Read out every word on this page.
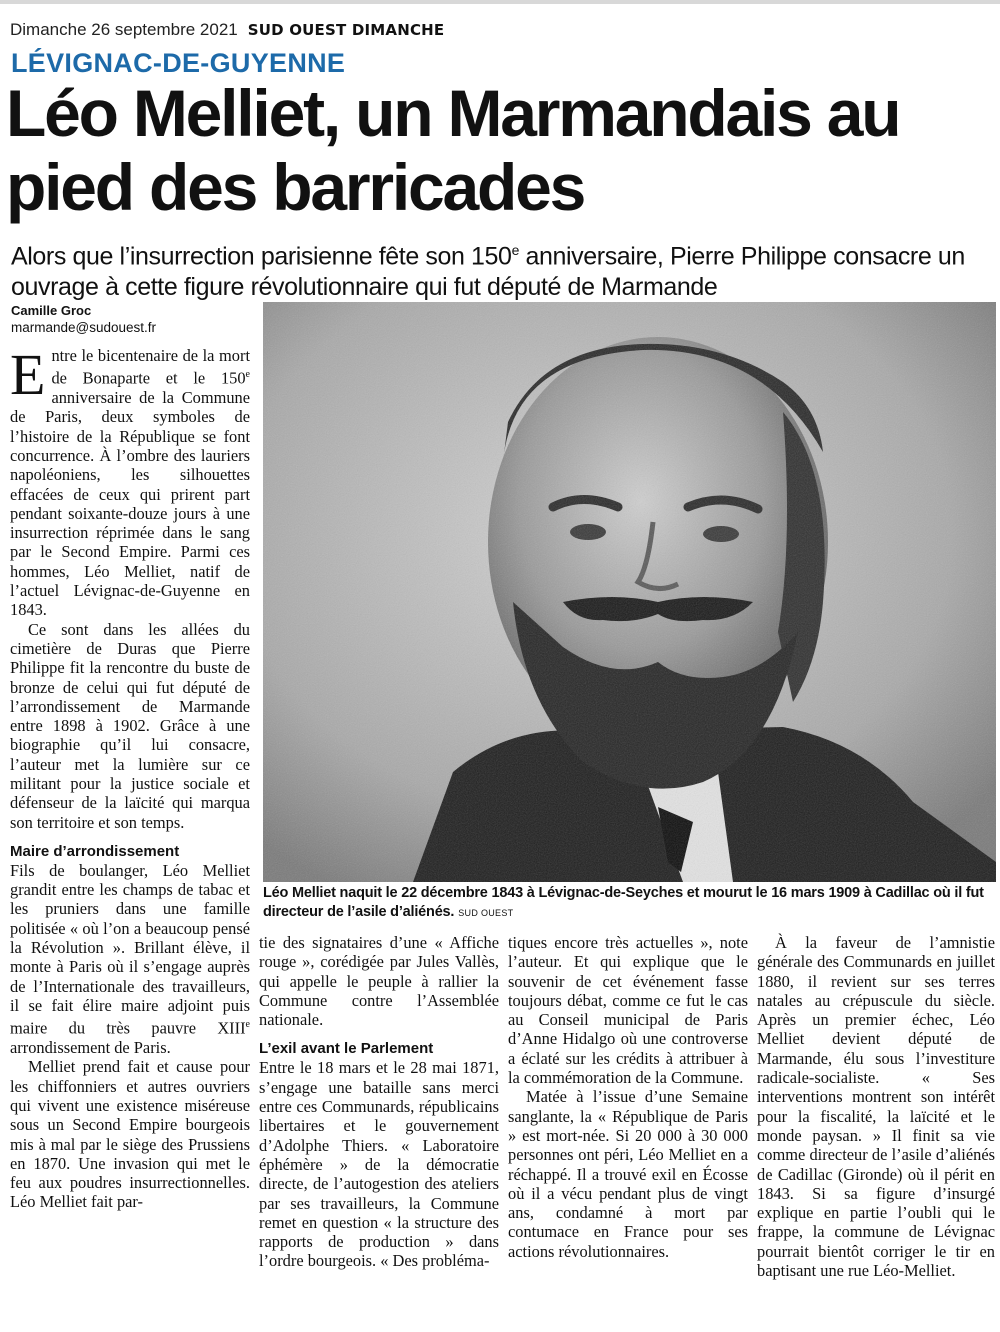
Dimanche 26 septembre 2021 SUD OUEST DIMANCHE
LÉVIGNAC-DE-GUYENNE
Léo Melliet, un Marmandais au pied des barricades

Alors que l’insurrection parisienne fête son 150e anniversaire, Pierre Philippe consacre un ouvrage à cette figure révolutionnaire qui fut député de Marmande

Camille Groc
marmande@sudouest.fr

Léo Melliet naquit le 22 décembre 1843 à Lévignac-de-Seyches et mourut le 16 mars 1909 à Cadillac où il fut directeur de l’asile d’aliénés. SUD OUEST

Entre le bicentenaire de la mort de Bonaparte et le 150e anniversaire de la Commune de Paris, deux symboles de l’histoire de la République se font concurrence. À l’ombre des lauriers napoléoniens, les silhouettes effacées de ceux qui prirent part pendant soixante-douze jours à une insurrection réprimée dans le sang par le Second Empire. Parmi ces hommes, Léo Melliet, natif de l’actuel Lévignac-de-Guyenne en 1843.

Ce sont dans les allées du cimetière de Duras que Pierre Philippe fit la rencontre du buste de bronze de celui qui fut député de l’arrondissement de Marmande entre 1898 à 1902. Grâce à une biographie qu’il lui consacre, l’auteur met la lumière sur ce militant pour la justice sociale et défenseur de la laïcité qui marqua son territoire et son temps.

Maire d’arrondissement

Fils de boulanger, Léo Melliet grandit entre les champs de tabac et les pruniers dans une famille politisée « où l’on a beaucoup pensé la Révolution ». Brillant élève, il monte à Paris où il s’engage auprès de l’Internationale des travailleurs, il se fait élire maire adjoint puis maire du très pauvre XIIIe arrondissement de Paris.

Melliet prend fait et cause pour les chiffonniers et autres ouvriers qui vivent une existence miséreuse sous un Second Empire bourgeois mis à mal par le siège des Prussiens en 1870. Une invasion qui met le feu aux poudres insurrectionnelles. Léo Melliet fait par-

tie des signataires d’une « Affiche rouge », corédigée par Jules Vallès, qui appelle le peuple à rallier la Commune contre l’Assemblée nationale.

L’exil avant le Parlement

Entre le 18 mars et le 28 mai 1871, s’engage une bataille sans merci entre ces Communards, républicains libertaires et le gouvernement d’Adolphe Thiers. « Laboratoire éphémère » de la démocratie directe, de l’autogestion des ateliers par ses travailleurs, la Commune remet en question « la structure des rapports de production » dans l’ordre bourgeois. « Des probléma-

tiques encore très actuelles », note l’auteur. Et qui explique que le souvenir de cet événement fasse toujours débat, comme ce fut le cas au Conseil municipal de Paris d’Anne Hidalgo où une controverse a éclaté sur les crédits à attribuer à la commémoration de la Commune.

Matée à l’issue d’une Semaine sanglante, la « République de Paris » est mort-née. Si 20 000 à 30 000 personnes ont péri, Léo Melliet en a réchappé. Il a trouvé exil en Écosse où il a vécu pendant plus de vingt ans, condamné à mort par contumace en France pour ses actions révolutionnaires.

À la faveur de l’amnistie générale des Communards en juillet 1880, il revient sur ses terres natales au crépuscule du siècle. Après un premier échec, Léo Melliet devient député de Marmande, élu sous l’investiture radicale-socialiste. « Ses interventions montrent son intérêt pour la fiscalité, la laïcité et le monde paysan. » Il finit sa vie comme directeur de l’asile d’aliénés de Cadillac (Gironde) où il périt en 1843. Si sa figure d’insurgé explique en partie l’oubli qui le frappe, la commune de Lévignac pourrait bientôt corriger le tir en baptisant une rue Léo-Melliet.
